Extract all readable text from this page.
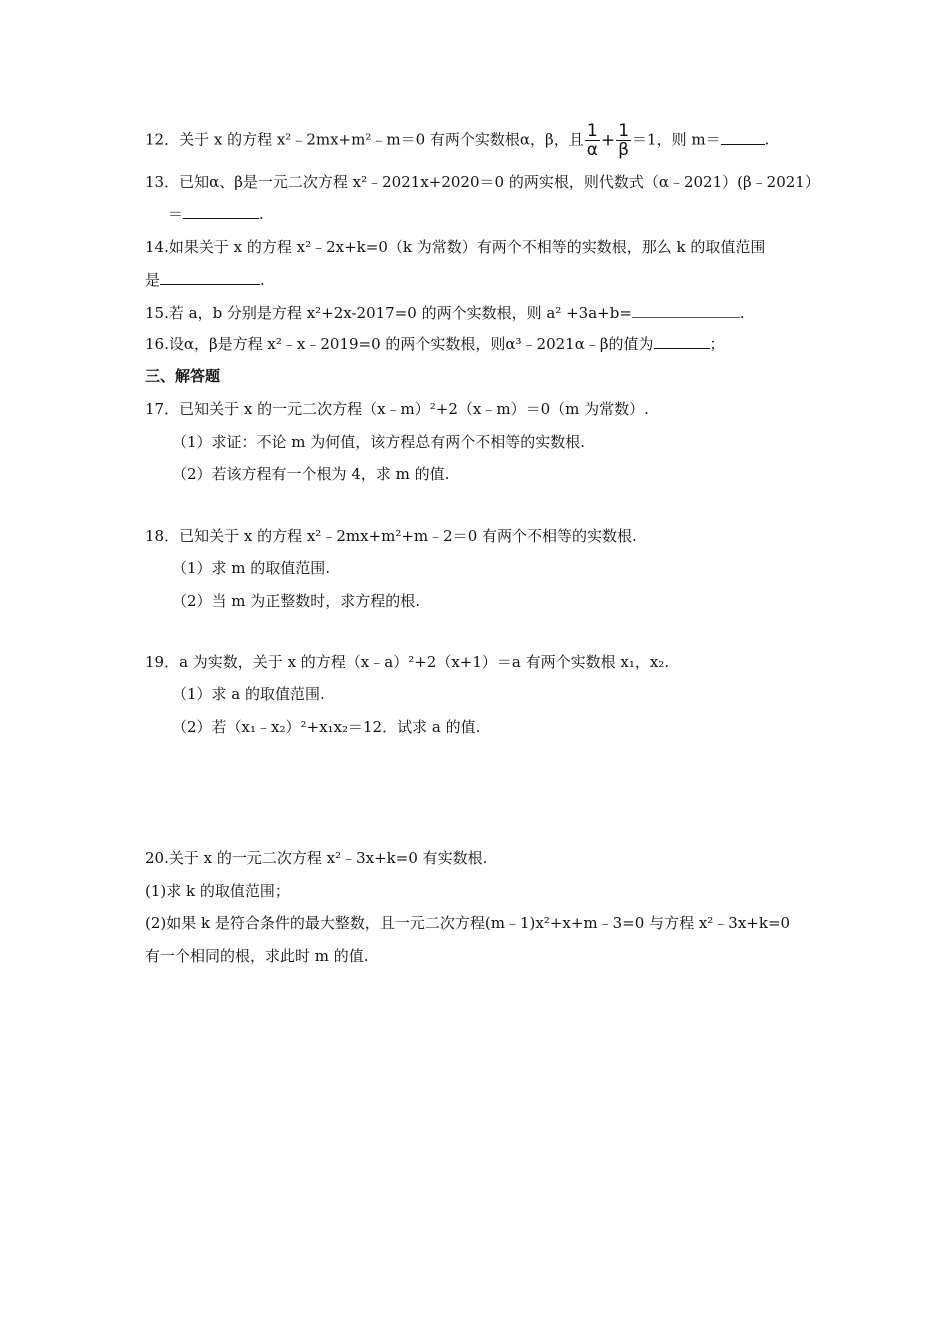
12．关于 x 的方程 x²﹣2mx+m²﹣m＝0 有两个实数根α，β，且 $\frac{1}{\alpha} + \frac{1}{\beta} =1$，则 m＝	.
13．已知α、β是一元二次方程 x²﹣2021x+2020＝0 的两实根，则代数式（α﹣2021）(β﹣2021）
＝	.
14.如果关于 x 的方程 x²﹣2x+k=0（k 为常数）有两个不相等的实数根，那么 k 的取值范围
是	.
15.若 a，b 分别是方程 x²+2x-2017=0 的两个实数根，则 a² +3a+b=	.
16.设α，β是方程 x²﹣x﹣2019=0 的两个实数根，则α³﹣2021α﹣β的值为	；
三、解答题
17．已知关于 x 的一元二次方程（x﹣m）²+2（x﹣m）＝0（m 为常数）.
（1）求证：不论 m 为何值，该方程总有两个不相等的实数根.
（2）若该方程有一个根为 4，求 m 的值.
18．已知关于 x 的方程 x²﹣2mx+m²+m﹣2＝0 有两个不相等的实数根.
（1）求 m 的取值范围.
（2）当 m 为正整数时，求方程的根.
19．a 为实数，关于 x 的方程（x﹣a）²+2（x+1）＝a 有两个实数根 x₁，x₂.
（1）求 a 的取值范围.
（2）若（x₁﹣x₂）²+x₁x₂＝12．试求 a 的值.
20.关于 x 的一元二次方程 x²﹣3x+k=0 有实数根.
(1)求 k 的取值范围；
(2)如果 k 是符合条件的最大整数，且一元二次方程(m﹣1)x²+x+m﹣3=0 与方程 x²﹣3x+k=0
有一个相同的根，求此时 m 的值.
